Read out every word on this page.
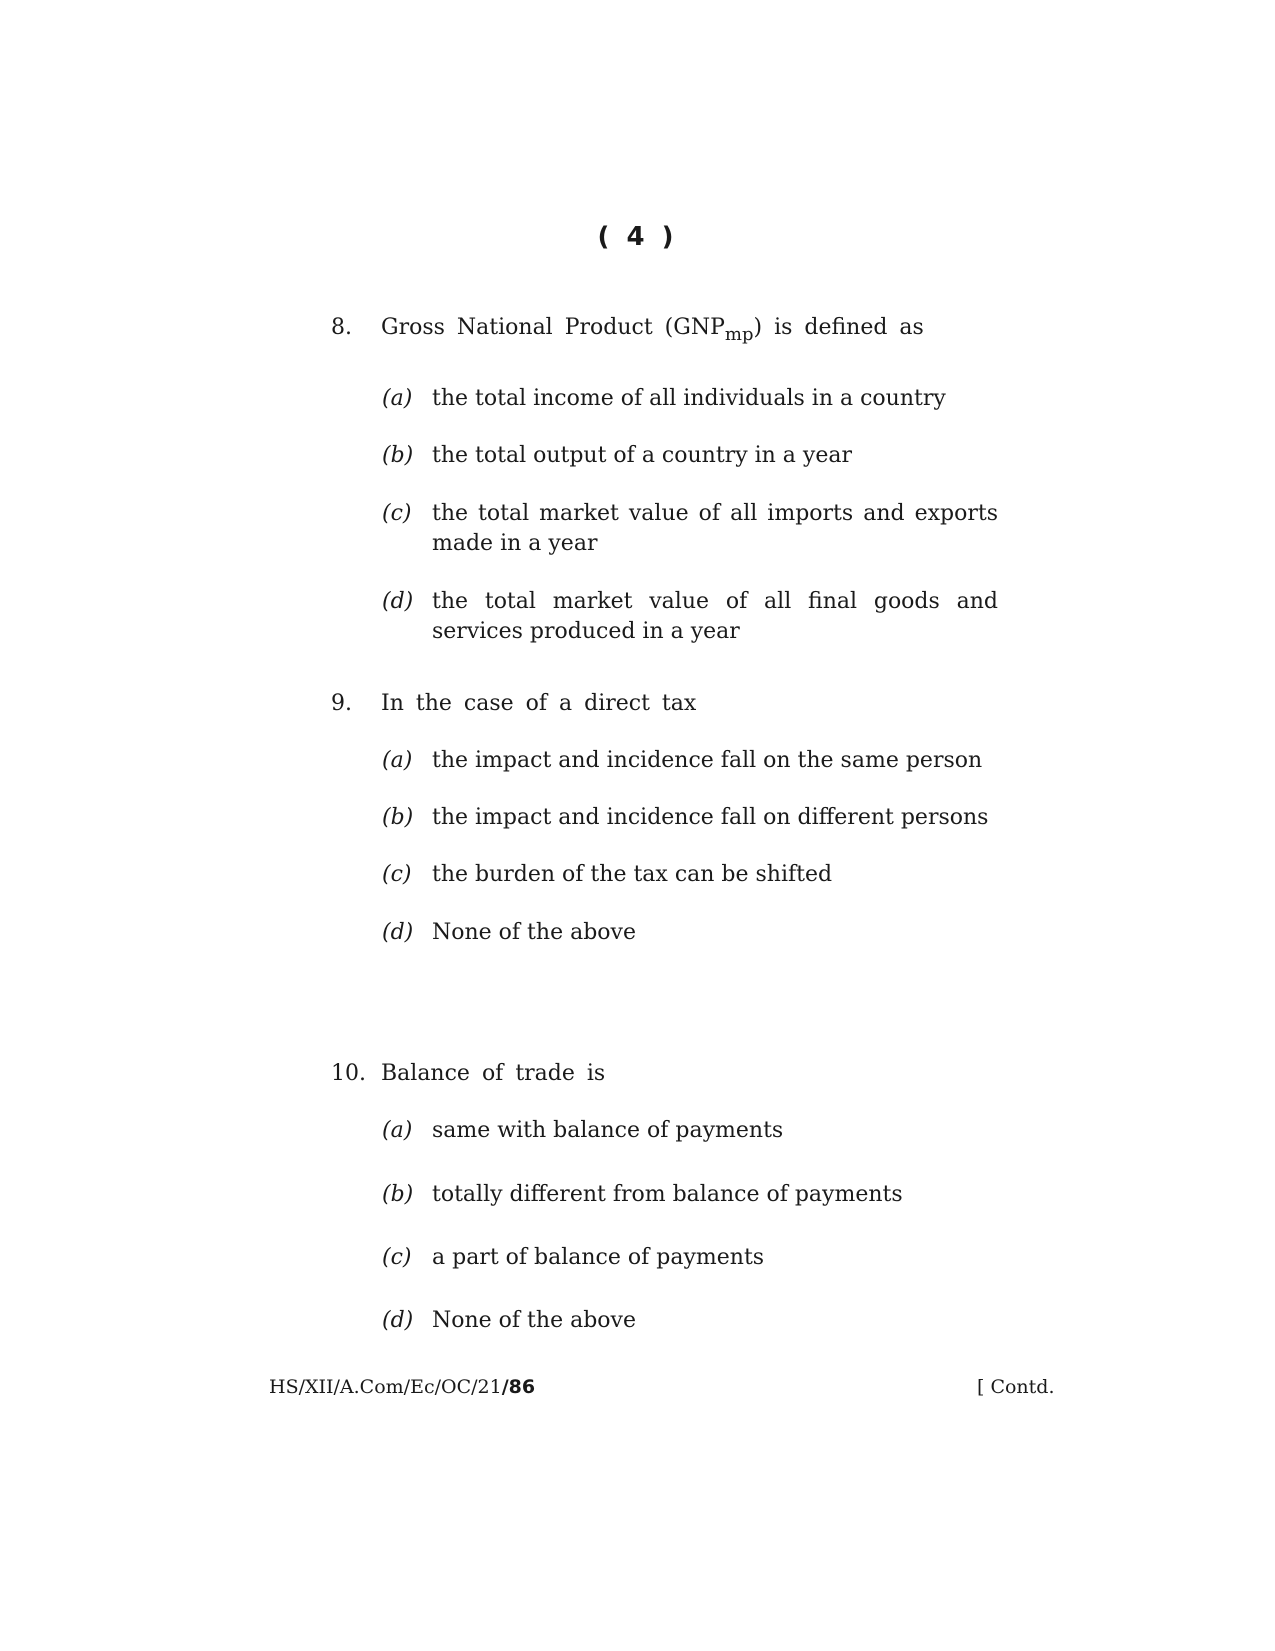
( 4 )
8. Gross National Product $(GNP_{mp})$ is defined as
(a) the total income of all individuals in a country
(b) the total output of a country in a year
(c) the total market value of all imports and exports made in a year
(d) the total market value of all final goods and services produced in a year
9. In the case of a direct tax
(a) the impact and incidence fall on the same person
(b) the impact and incidence fall on different persons
(c) the burden of the tax can be shifted
(d) None of the above
10. Balance of trade is
(a) same with balance of payments
(b) totally different from balance of payments
(c) a part of balance of payments
(d) None of the above
HS/XII/A.Com/Ec/OC/21/86	[ Contd.
